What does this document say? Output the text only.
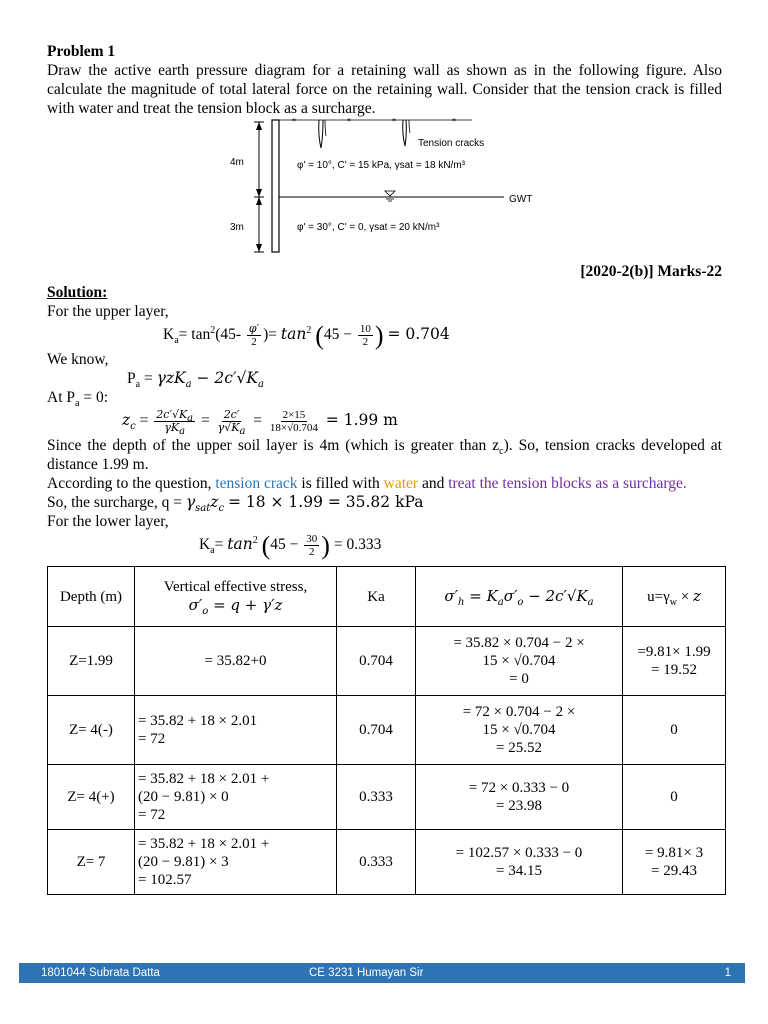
Problem 1

Draw the active earth pressure diagram for a retaining wall as shown as in the following figure. Also calculate the magnitude of total lateral force on the retaining wall. Consider that the tension crack is filled with water and treat the tension block as a surcharge.

*	*	*	*
4m
3m
Tension cracks
φ' = 10°, C' = 15 kPa, γsat = 18 kN/m³
φ' = 30°, C' = 0, γsat = 20 kN/m³
GWT

[2020-2(b)] Marks-22

Solution:

For the upper layer,

$K_a= \tan^2(45- \frac{\varphi'}{2}$ )= $\tan^2 (45 - \frac{10}{2}$ ) = 0.704

We know,

$P_a = \gamma zK_a - 2c'√K_a$

At $P_a = 0$:

$z_c = \frac{2c'√K_a}{\gamma K_a} = \frac{2c'}{\gamma√K_a} = \frac{2\times 15}{18\times√0.704} = 1.99$ m

Since the depth of the upper soil layer is 4m (which is greater than $z_c$). So, tension cracks developed at distance 1.99 m.

According to the question, tension crack is filled with water and treat the tension blocks as a surcharge.

So, the surcharge, $q = \gamma_{sat}z_c = 18 \times 1.99 = 35.82$ kPa

For the lower layer,

$K_a= \tan^2 (45 - \frac{30}{2}$ ) = 0.333

Depth (m)	Vertical effective stress,
$\sigma'_o = q + \gamma'z$	Ka	$\sigma'_h = K_a\sigma'_o - 2c'√K_a$	$u=\gamma_w \times z$
Z=1.99	= 35.82+0	0.704	= 35.82 × 0.704 − 2 ×
15 × √0.704
= 0	=9.81× 1.99
= 19.52
Z= 4(-)	= 35.82 + 18 × 2.01
= 72	0.704	= 72 × 0.704 − 2 ×
15 × √0.704
= 25.52	0
Z= 4(+)	= 35.82 + 18 × 2.01 +
(20 − 9.81) × 0
= 72	0.333	= 72 × 0.333 − 0
= 23.98	0
Z= 7	= 35.82 + 18 × 2.01 +
(20 − 9.81) × 3
= 102.57	0.333	= 102.57 × 0.333 − 0
= 34.15	= 9.81× 3
= 29.43
1801044 Subrata Datta	CE 3231 Humayan Sir	1
